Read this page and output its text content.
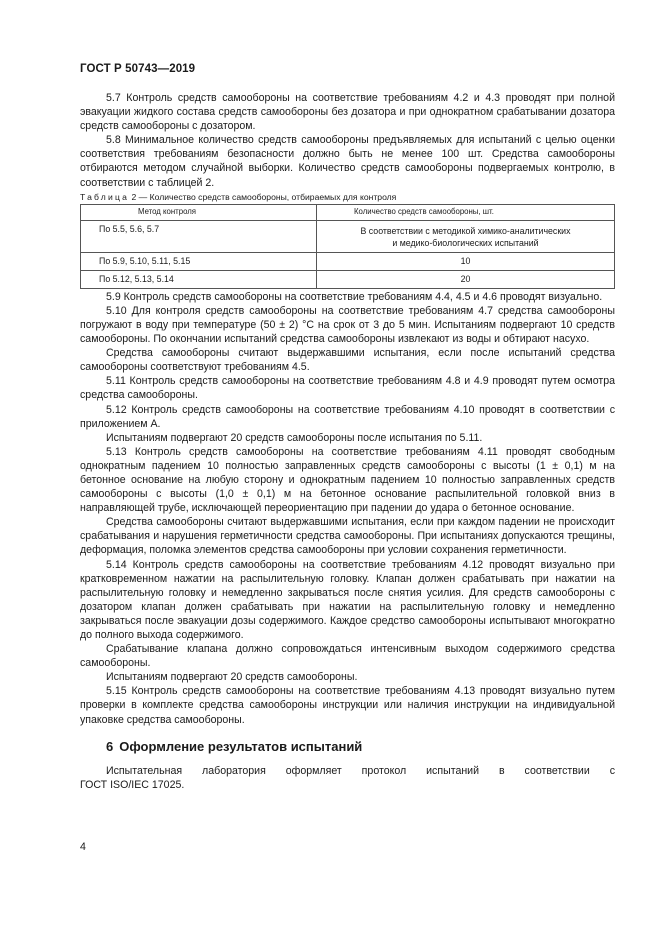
ГОСТ Р 50743—2019

5.7 Контроль средств самообороны на соответствие требованиям 4.2 и 4.3 проводят при полной эвакуации жидкого состава средств самообороны без дозатора и при однократном срабатывании дозатора средств самообороны с дозатором.

5.8 Минимальное количество средств самообороны предъявляемых для испытаний с целью оценки соответствия требованиям безопасности должно быть не менее 100 шт. Средства самообороны отбираются методом случайной выборки. Количество средств самообороны подвергаемых контролю, в соответствии с таблицей 2.

Таблица 2 — Количество средств самообороны, отбираемых для контроля

Метод контроля	Количество средств самообороны, шт.
По 5.5, 5.6, 5.7	В соответствии с методикой химико-аналитических
и медико-биологических испытаний

По 5.9, 5.10, 5.11, 5.15	10
По 5.12, 5.13, 5.14	20

5.9 Контроль средств самообороны на соответствие требованиям 4.4, 4.5 и 4.6 проводят визуально.

5.10 Для контроля средств самообороны на соответствие требованиям 4.7 средства самообороны погружают в воду при температуре (50 ± 2) °С на срок от 3 до 5 мин. Испытаниям подвергают 10 средств самообороны. По окончании испытаний средства самообороны извлекают из воды и обтирают насухо.

Средства самообороны считают выдержавшими испытания, если после испытаний средства самообороны соответствуют требованиям 4.5.

5.11 Контроль средств самообороны на соответствие требованиям 4.8 и 4.9 проводят путем осмотра средства самообороны.

5.12 Контроль средств самообороны на соответствие требованиям 4.10 проводят в соответствии с приложением А.

Испытаниям подвергают 20 средств самообороны после испытания по 5.11.

5.13 Контроль средств самообороны на соответствие требованиям 4.11 проводят свободным однократным падением 10 полностью заправленных средств самообороны с высоты (1 ± 0,1) м на бетонное основание на любую сторону и однократным падением 10 полностью заправленных средств самообороны с высоты (1,0 ± 0,1) м на бетонное основание распылительной головкой вниз в направляющей трубе, исключающей переориентацию при падении до удара о бетонное основание.

Средства самообороны считают выдержавшими испытания, если при каждом падении не происходит срабатывания и нарушения герметичности средства самообороны. При испытаниях допускаются трещины, деформация, поломка элементов средства самообороны при условии сохранения герметичности.

5.14 Контроль средств самообороны на соответствие требованиям 4.12 проводят визуально при кратковременном нажатии на распылительную головку. Клапан должен срабатывать при нажатии на распылительную головку и немедленно закрываться после снятия усилия. Для средств самообороны с дозатором клапан должен срабатывать при нажатии на распылительную головку и немедленно закрываться после эвакуации дозы содержимого. Каждое средство самообороны испытывают многократно до полного выхода содержимого.

Срабатывание клапана должно сопровождаться интенсивным выходом содержимого средства самообороны.

Испытаниям подвергают 20 средств самообороны.

5.15 Контроль средств самообороны на соответствие требованиям 4.13 проводят визуально путем проверки в комплекте средства самообороны инструкции или наличия инструкции на индивидуальной упаковке средства самообороны.

6 Оформление результатов испытаний

Испытательная лаборатория оформляет протокол испытаний в соответствии с

ГОСТ ISO/IEC 17025.

4
